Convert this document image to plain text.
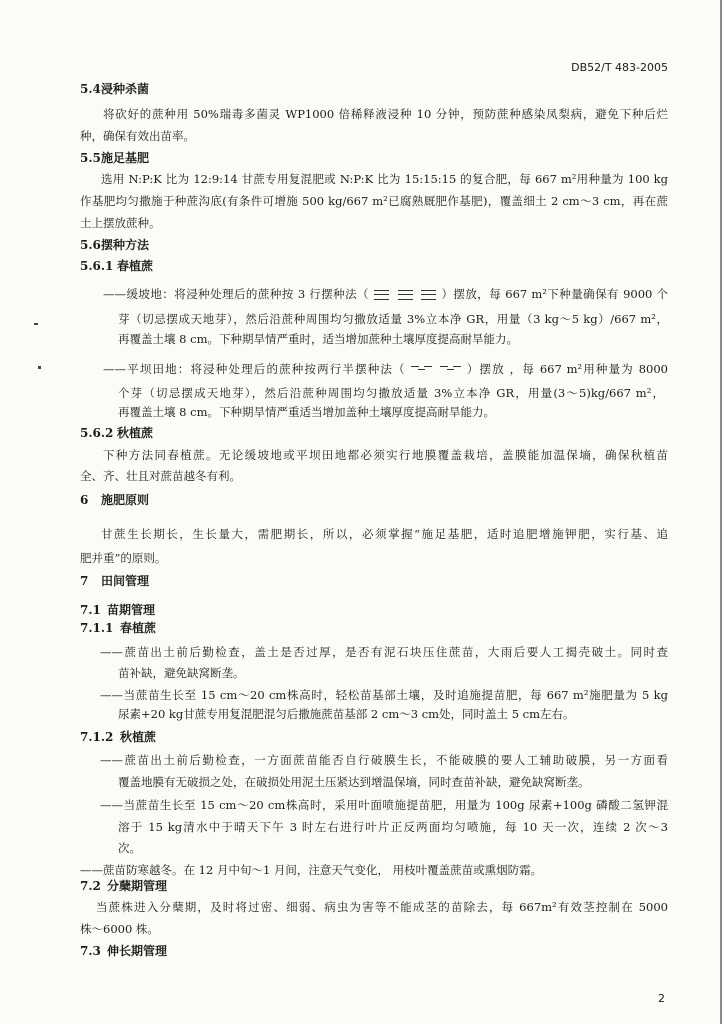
DB52/T 483-2005
5.4 浸种杀菌
将砍好的蔗种用 50%瑞毒多菌灵 WP1000 倍稀释液浸种 10 分钟，预防蔗种感染凤梨病，避免下种后烂
种，确保有效出苗率。
5.5 施足基肥
选用 N:P:K 比为 12:9:14 甘蔗专用复混肥或 N:P:K 比为 15:15:15 的复合肥，每 667 m²用种量为 100 kg
作基肥均匀撒施于种蔗沟底(有条件可增施 500 kg/667 m²已腐熟厩肥作基肥)，覆盖细土 2 cm～3 cm，再在蔗
土上摆放蔗种。
5.6 摆种方法
5.6.1 春植蔗
——缓坡地：将浸种处理后的蔗种按 3 行摆种法（	）摆放，每 667 m²下种量确保有 9000 个
芽（切忌摆成天地芽），然后沿蔗种周围均匀撒放适量 3%立本净 GR，用量（3 kg～5 kg）/667 m²，
再覆盖土壤 8 cm。下种期旱情严重时，适当增加蔗种土壤厚度提高耐旱能力。
——平坝田地：将浸种处理后的蔗种按两行半摆种法（	）摆放 ，每 667 m²用种量为 8000
个芽（切忌摆成天地芽），然后沿蔗种周围均匀撒放适量 3%立本净 GR，用量(3～5)kg/667 m²，
再覆盖土壤 8 cm。下种期旱情严重适当增加盖种土壤厚度提高耐旱能力。
5.6.2 秋植蔗
下种方法同春植蔗。无论缓坡地或平坝田地都必须实行地膜覆盖栽培，盖膜能加温保墒，确保秋植苗
全、齐、壮且对蔗苗越冬有利。
6 施肥原则
甘蔗生长期长，生长量大，需肥期长，所以，必须掌握“施足基肥，适时追肥增施钾肥，实行基、追
肥并重”的原则。
7 田间管理
7.1 苗期管理
7.1.1 春植蔗
——蔗苗出土前后勤检查，盖土是否过厚，是否有泥石块压住蔗苗，大雨后要人工揭壳破土。同时查
苗补缺，避免缺窝断垄。
——当蔗苗生长至 15 cm～20 cm株高时，轻松苗基部土壤，及时追施提苗肥，每 667 m²施肥量为 5 kg
尿素+20 kg甘蔗专用复混肥混匀后撒施蔗苗基部 2 cm～3 cm处，同时盖土 5 cm左右。
7.1.2 秋植蔗
——蔗苗出土前后勤检查，一方面蔗苗能否自行破膜生长，不能破膜的要人工辅助破膜，另一方面看
覆盖地膜有无破损之处，在破损处用泥土压紧达到增温保墒，同时查苗补缺，避免缺窝断垄。
——当蔗苗生长至 15 cm～20 cm株高时，采用叶面喷施提苗肥，用量为 100g 尿素+100g 磷酸二氢钾混
溶于 15 kg清水中于晴天下午 3 时左右进行叶片正反两面均匀喷施，每 10 天一次，连续 2 次～3
次。
——蔗苗防寒越冬。在 12 月中旬～1 月间，注意天气变化， 用枝叶覆盖蔗苗或熏烟防霜。
7.2 分蘖期管理
当蔗株进入分蘖期，及时将过密、细弱、病虫为害等不能成茎的苗除去，每 667m²有效茎控制在 5000
株～6000 株。
7.3 伸长期管理
2
